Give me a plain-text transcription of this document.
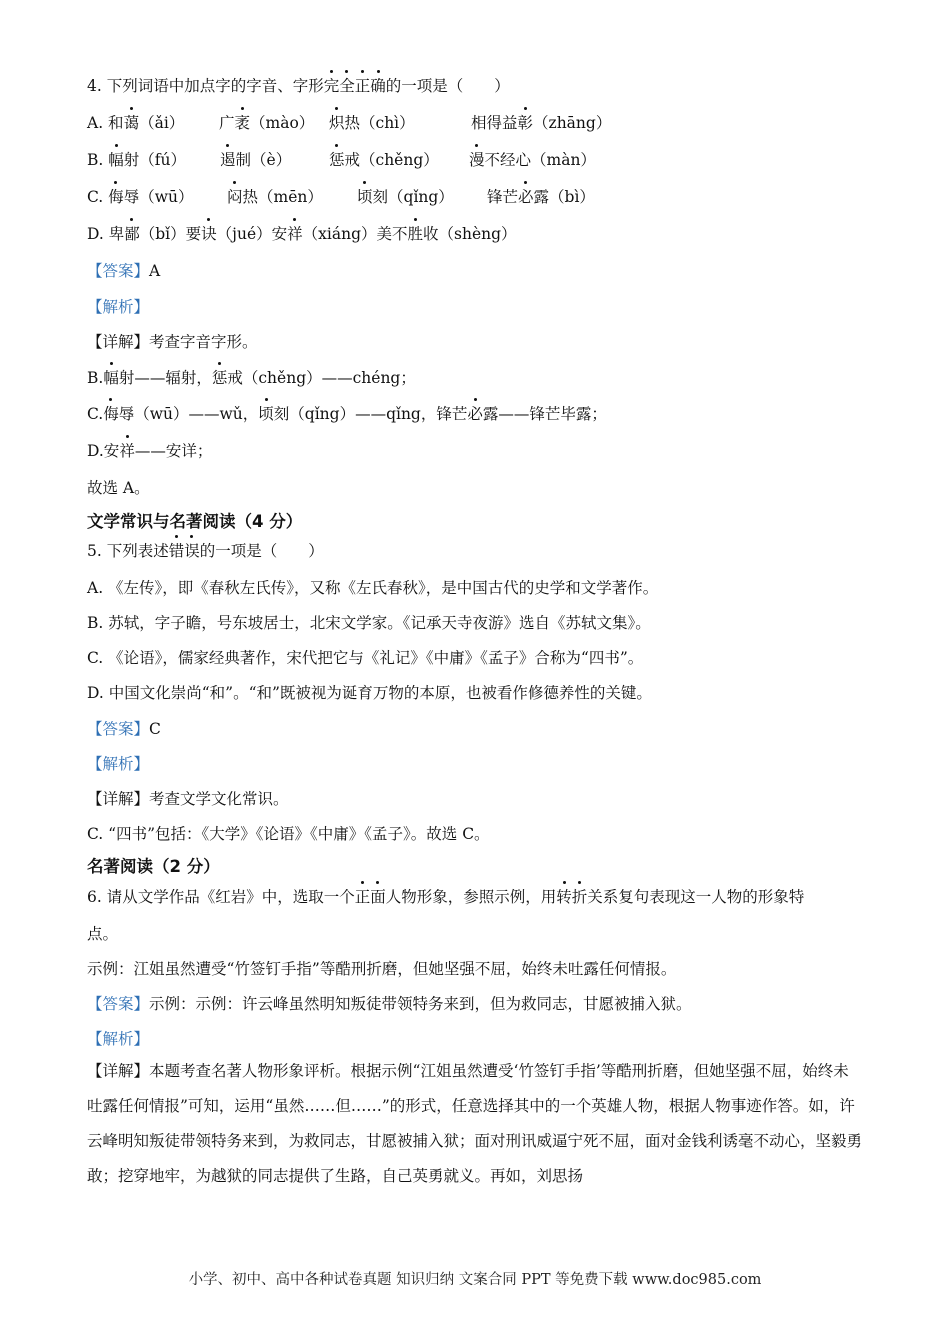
4. 下列词语中加点字的字音、字形完全正确的一项是（　　）
A. 和蔼（ǎi） 广袤（mào） 炽热（chì）	相得益彰（zhāng）
B. 幅射（fú） 遏制（è） 惩戒（chěng） 漫不经心（màn）
C. 侮辱（wū） 闷热（mēn） 顷刻（qǐng） 锋芒必露（bì）
D. 卑鄙（bǐ）要诀（jué）安祥（xiáng）美不胜收（shèng）
【答案】A
【解析】
【详解】考查字音字形。
B.幅射——辐射，惩戒（chěng）——chéng；
C.侮辱（wū）——wǔ，顷刻（qǐng）——qǐng，锋芒必露——锋芒毕露；
D.安祥——安详；
故选 A。
文学常识与名著阅读（4 分）
5. 下列表述错误的一项是（　　）
A. 《左传》，即《春秋左氏传》，又称《左氏春秋》，是中国古代的史学和文学著作。
B. 苏轼，字子瞻，号东坡居士，北宋文学家。《记承天寺夜游》选自《苏轼文集》。
C. 《论语》，儒家经典著作，宋代把它与《礼记》《中庸》《孟子》合称为“四书”。
D. 中国文化崇尚“和”。“和”既被视为诞育万物的本原，也被看作修德养性的关键。
【答案】C
【解析】
【详解】考查文学文化常识。
C. “四书”包括：《大学》《论语》《中庸》《孟子》。故选 C。
名著阅读（2 分）
6. 请从文学作品《红岩》中，选取一个正面人物形象，参照示例，用转折关系复句表现这一人物的形象特
点。
示例：江姐虽然遭受“竹签钉手指”等酷刑折磨，但她坚强不屈，始终未吐露任何情报。
【答案】示例：示例：许云峰虽然明知叛徒带领特务来到，但为救同志，甘愿被捕入狱。
【解析】
【详解】本题考查名著人物形象评析。根据示例“江姐虽然遭受‘竹签钉手指’等酷刑折磨，但她坚强不屈，始终未吐露任何情报”可知，运用“虽然……但……”的形式，任意选择其中的一个英雄人物，根据人物事迹作答。如，许云峰明知叛徒带领特务来到，为救同志，甘愿被捕入狱；面对刑讯威逼宁死不屈，面对金钱利诱毫不动心，坚毅勇敢；挖穿地牢，为越狱的同志提供了生路，自己英勇就义。再如，刘思扬
小学、初中、高中各种试卷真题 知识归纳 文案合同 PPT 等免费下载 www.doc985.com
